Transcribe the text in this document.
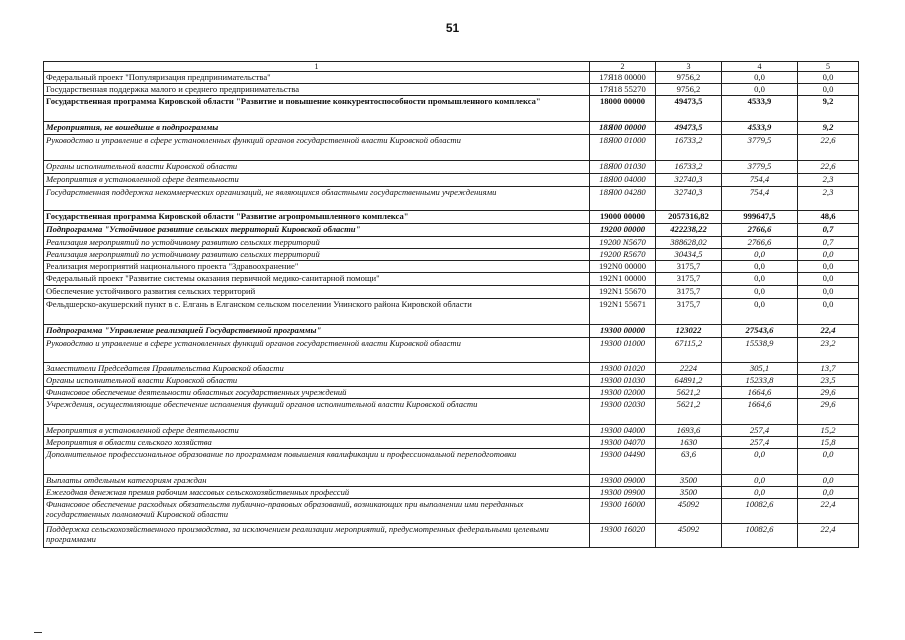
51
1	2	3	4	5
Федеральный проект "Популяризация предпринимательства"	17Я18 00000	9756,2	0,0	0,0
Государственная поддержка малого и среднего предпринимательства	17Я18 55270	9756,2	0,0	0,0
Государственная программа Кировской области "Развитие и повышение конкурентоспособности промышленного комплекса"	18000 00000	49473,5	4533,9	9,2
Мероприятия, не вошедшие в подпрограммы	18Я00 00000	49473,5	4533,9	9,2
Руководство и управление в сфере установленных функций органов государственной власти Кировской области	18Я00 01000	16733,2	3779,5	22,6
Органы исполнительной власти Кировской области	18Я00 01030	16733,2	3779,5	22,6
Мероприятия в установленной сфере деятельности	18Я00 04000	32740,3	754,4	2,3
Государственная поддержка некоммерческих организаций, не являющихся областными государственными учреждениями	18Я00 04280	32740,3	754,4	2,3
Государственная программа Кировской области "Развитие агропромышленного комплекса"	19000 00000	2057316,82	999647,5	48,6
Подпрограмма "Устойчивое развитие сельских территорий Кировской области"	19200 00000	422238,22	2766,6	0,7
Реализация мероприятий по устойчивому развитию сельских территорий	19200 N5670	388628,02	2766,6	0,7
Реализация мероприятий по устойчивому развитию сельских территорий	19200 R5670	30434,5	0,0	0,0
Реализация мероприятий национального проекта "Здравоохранение"	192N0 00000	3175,7	0,0	0,0
Федеральный проект "Развитие системы оказания первичной медико-санитарной помощи"	192N1 00000	3175,7	0,0	0,0
Обеспечение устойчивого развития сельских территорий	192N1 55670	3175,7	0,0	0,0
Фельдшерско-акушерский пункт в с. Елгань в Елганском сельском поселении Унинского района Кировской области	192N1 55671	3175,7	0,0	0,0
Подпрограмма "Управление реализацией Государственной программы"	19300 00000	123022	27543,6	22,4
Руководство и управление в сфере установленных функций органов государственной власти Кировской области	19300 01000	67115,2	15538,9	23,2
Заместители Председателя Правительства Кировской области	19300 01020	2224	305,1	13,7
Органы исполнительной власти Кировской области	19300 01030	64891,2	15233,8	23,5
Финансовое обеспечение деятельности областных государственных учреждений	19300 02000	5621,2	1664,6	29,6
Учреждения, осуществляющие обеспечение исполнения функций органов исполнительной власти Кировской области	19300 02030	5621,2	1664,6	29,6
Мероприятия в установленной сфере деятельности	19300 04000	1693,6	257,4	15,2
Мероприятия в области сельского хозяйства	19300 04070	1630	257,4	15,8
Дополнительное профессиональное образование по программам повышения квалификации и профессиональной переподготовки	19300 04490	63,6	0,0	0,0
Выплаты отдельным категориям граждан	19300 09000	3500	0,0	0,0
Ежегодная денежная премия рабочим массовых сельскохозяйственных профессий	19300 09900	3500	0,0	0,0
Финансовое обеспечение расходных обязательств публично-правовых образований, возникающих при выполнении ими переданных государственных полномочий Кировской области	19300 16000	45092	10082,6	22,4
Поддержка сельскохозяйственного производства, за исключением реализации мероприятий, предусмотренных федеральными целевыми программами	19300 16020	45092	10082,6	22,4
